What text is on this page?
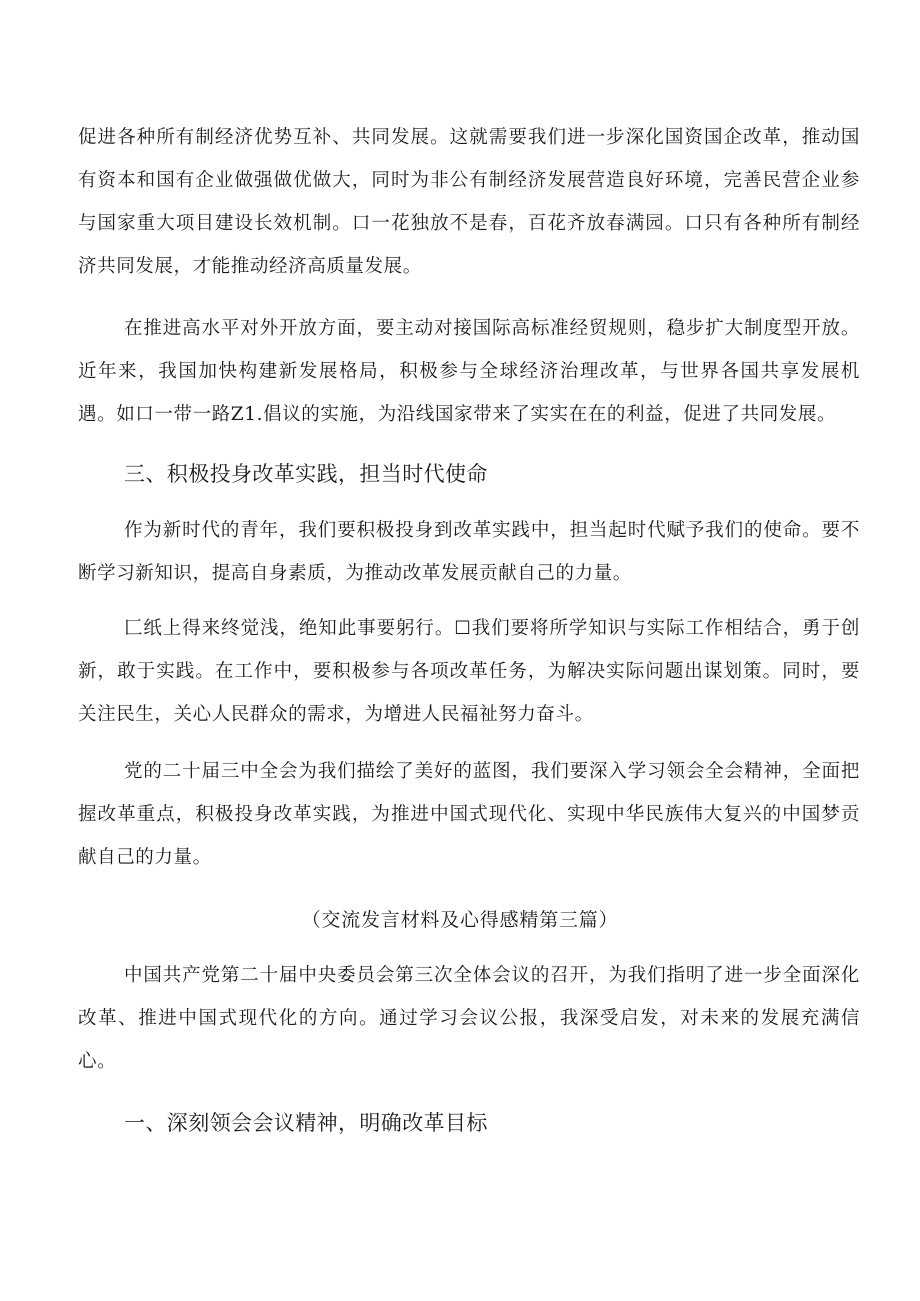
促进各种所有制经济优势互补、共同发展。这就需要我们进一步深化国资国企改革，推动国有资本和国有企业做强做优做大，同时为非公有制经济发展营造良好环境，完善民营企业参与国家重大项目建设长效机制。口一花独放不是春，百花齐放春满园。口只有各种所有制经济共同发展，才能推动经济高质量发展。

在推进高水平对外开放方面，要主动对接国际高标准经贸规则，稳步扩大制度型开放。近年来，我国加快构建新发展格局，积极参与全球经济治理改革，与世界各国共享发展机遇。如口一带一路Z1.倡议的实施，为沿线国家带来了实实在在的利益，促进了共同发展。

三、积极投身改革实践，担当时代使命

作为新时代的青年，我们要积极投身到改革实践中，担当起时代赋予我们的使命。要不断学习新知识，提高自身素质，为推动改革发展贡献自己的力量。

匚纸上得来终觉浅，绝知此事要躬行。☐我们要将所学知识与实际工作相结合，勇于创新，敢于实践。在工作中，要积极参与各项改革任务，为解决实际问题出谋划策。同时，要关注民生，关心人民群众的需求，为增进人民福祉努力奋斗。

党的二十届三中全会为我们描绘了美好的蓝图，我们要深入学习领会全会精神，全面把握改革重点，积极投身改革实践，为推进中国式现代化、实现中华民族伟大复兴的中国梦贡献自己的力量。

（交流发言材料及心得感精第三篇）

中国共产党第二十届中央委员会第三次全体会议的召开，为我们指明了进一步全面深化改革、推进中国式现代化的方向。通过学习会议公报，我深受启发，对未来的发展充满信心。

一、深刻领会会议精神，明确改革目标
